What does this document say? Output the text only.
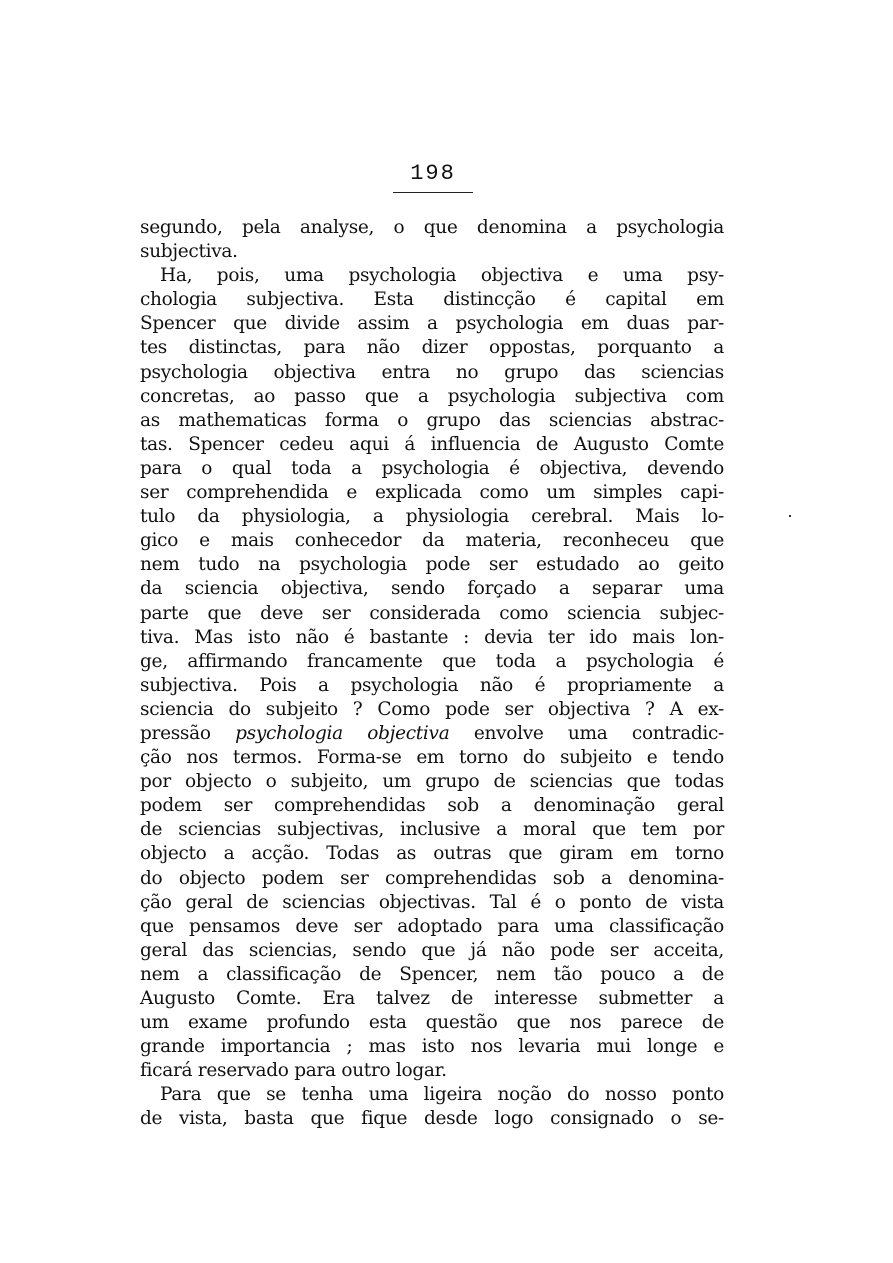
198
segundo, pela analyse, o que denomina a psychologia
subjectiva.
Ha, pois, uma psychologia objectiva e uma psy-
chologia subjectiva. Esta distincção é capital em
Spencer que divide assim a psychologia em duas par-
tes distinctas, para não dizer oppostas, porquanto a
psychologia objectiva entra no grupo das sciencias
concretas, ao passo que a psychologia subjectiva com
as mathematicas forma o grupo das sciencias abstrac-
tas. Spencer cedeu aqui á influencia de Augusto Comte
para o qual toda a psychologia é objectiva, devendo
ser comprehendida e explicada como um simples capi-
tulo da physiologia, a physiologia cerebral. Mais lo-
gico e mais conhecedor da materia, reconheceu que
nem tudo na psychologia pode ser estudado ao geito
da sciencia objectiva, sendo forçado a separar uma
parte que deve ser considerada como sciencia subjec-
tiva. Mas isto não é bastante : devia ter ido mais lon-
ge, affirmando francamente que toda a psychologia é
subjectiva. Pois a psychologia não é propriamente a
sciencia do subjeito ? Como pode ser objectiva ? A ex-
pressão psychologia objectiva envolve uma contradic-
ção nos termos. Forma-se em torno do subjeito e tendo
por objecto o subjeito, um grupo de sciencias que todas
podem ser comprehendidas sob a denominação geral
de sciencias subjectivas, inclusive a moral que tem por
objecto a acção. Todas as outras que giram em torno
do objecto podem ser comprehendidas sob a denomina-
ção geral de sciencias objectivas. Tal é o ponto de vista
que pensamos deve ser adoptado para uma classificação
geral das sciencias, sendo que já não pode ser acceita,
nem a classificação de Spencer, nem tão pouco a de
Augusto Comte. Era talvez de interesse submetter a
um exame profundo esta questão que nos parece de
grande importancia ; mas isto nos levaria mui longe e
ficará reservado para outro logar.
Para que se tenha uma ligeira noção do nosso ponto
de vista, basta que fique desde logo consignado o se-
